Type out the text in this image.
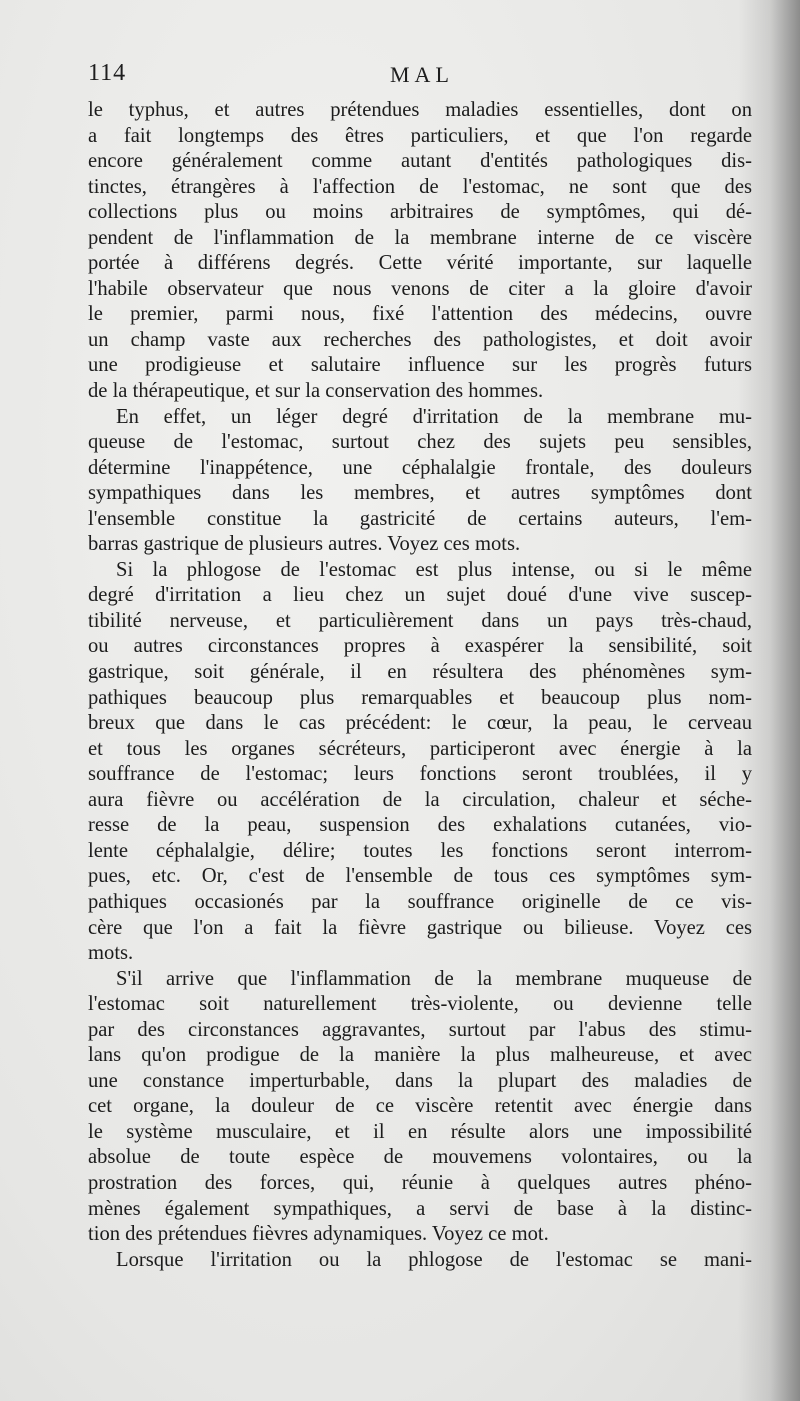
114	MAL
le typhus, et autres prétendues maladies essentielles, dont on
a fait longtemps des êtres particuliers, et que l'on regarde
encore généralement comme autant d'entités pathologiques dis-
tinctes, étrangères à l'affection de l'estomac, ne sont que des
collections plus ou moins arbitraires de symptômes, qui dé-
pendent de l'inflammation de la membrane interne de ce viscère
portée à différens degrés. Cette vérité importante, sur laquelle
l'habile observateur que nous venons de citer a la gloire d'avoir
le premier, parmi nous, fixé l'attention des médecins, ouvre
un champ vaste aux recherches des pathologistes, et doit avoir
une prodigieuse et salutaire influence sur les progrès futurs
de la thérapeutique, et sur la conservation des hommes.
En effet, un léger degré d'irritation de la membrane mu-
queuse de l'estomac, surtout chez des sujets peu sensibles,
détermine l'inappétence, une céphalalgie frontale, des douleurs
sympathiques dans les membres, et autres symptômes dont
l'ensemble constitue la gastricité de certains auteurs, l'em-
barras gastrique de plusieurs autres. Voyez ces mots.
Si la phlogose de l'estomac est plus intense, ou si le même
degré d'irritation a lieu chez un sujet doué d'une vive suscep-
tibilité nerveuse, et particulièrement dans un pays très-chaud,
ou autres circonstances propres à exaspérer la sensibilité, soit
gastrique, soit générale, il en résultera des phénomènes sym-
pathiques beaucoup plus remarquables et beaucoup plus nom-
breux que dans le cas précédent: le cœur, la peau, le cerveau
et tous les organes sécréteurs, participeront avec énergie à la
souffrance de l'estomac; leurs fonctions seront troublées, il y
aura fièvre ou accélération de la circulation, chaleur et séche-
resse de la peau, suspension des exhalations cutanées, vio-
lente céphalalgie, délire; toutes les fonctions seront interrom-
pues, etc. Or, c'est de l'ensemble de tous ces symptômes sym-
pathiques occasionés par la souffrance originelle de ce vis-
cère que l'on a fait la fièvre gastrique ou bilieuse. Voyez ces
mots.
S'il arrive que l'inflammation de la membrane muqueuse de
l'estomac soit naturellement très-violente, ou devienne telle
par des circonstances aggravantes, surtout par l'abus des stimu-
lans qu'on prodigue de la manière la plus malheureuse, et avec
une constance imperturbable, dans la plupart des maladies de
cet organe, la douleur de ce viscère retentit avec énergie dans
le système musculaire, et il en résulte alors une impossibilité
absolue de toute espèce de mouvemens volontaires, ou la
prostration des forces, qui, réunie à quelques autres phéno-
mènes également sympathiques, a servi de base à la distinc-
tion des prétendues fièvres adynamiques. Voyez ce mot.
Lorsque l'irritation ou la phlogose de l'estomac se mani-
